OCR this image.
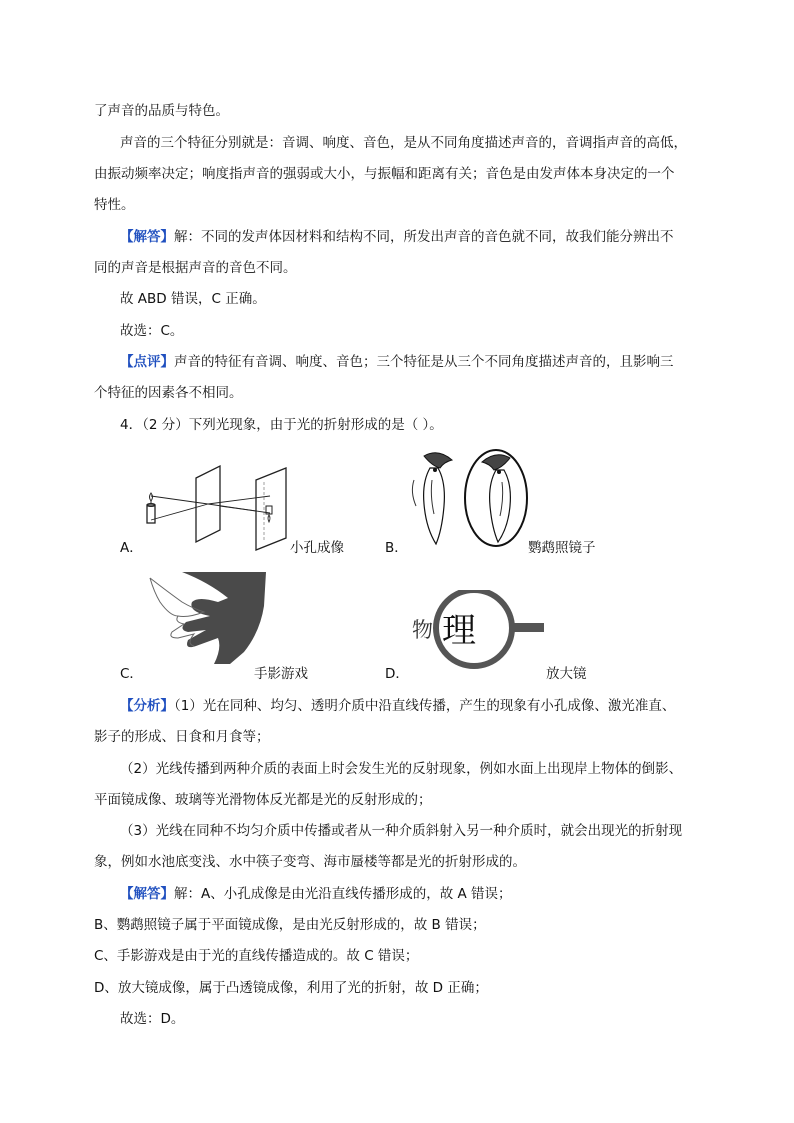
了声音的品质与特色。
声音的三个特征分别就是：音调、响度、音色，是从不同角度描述声音的，音调指声音的高低，
由振动频率决定；响度指声音的强弱或大小，与振幅和距离有关；音色是由发声体本身决定的一个
特性。
【解答】解：不同的发声体因材料和结构不同，所发出声音的音色就不同，故我们能分辨出不
同的声音是根据声音的音色不同。
故 ABD 错误，C 正确。
故选：C。
【点评】声音的特征有音调、响度、音色；三个特征是从三个不同角度描述声音的，且影响三
个特征的因素各不相同。
4．（2 分）下列光现象，由于光的折射形成的是（ ）。
A．	小孔成像	B．	鹦鹉照镜子
C．	手影游戏
物 理
D．	放大镜
【分析】（1）光在同种、均匀、透明介质中沿直线传播，产生的现象有小孔成像、激光准直、
影子的形成、日食和月食等；
（2）光线传播到两种介质的表面上时会发生光的反射现象，例如水面上出现岸上物体的倒影、
平面镜成像、玻璃等光滑物体反光都是光的反射形成的；
（3）光线在同种不均匀介质中传播或者从一种介质斜射入另一种介质时，就会出现光的折射现
象，例如水池底变浅、水中筷子变弯、海市蜃楼等都是光的折射形成的。
【解答】解：A、小孔成像是由光沿直线传播形成的，故 A 错误；
B、鹦鹉照镜子属于平面镜成像，是由光反射形成的，故 B 错误；
C、手影游戏是由于光的直线传播造成的。故 C 错误；
D、放大镜成像，属于凸透镜成像，利用了光的折射，故 D 正确；
故选：D。
